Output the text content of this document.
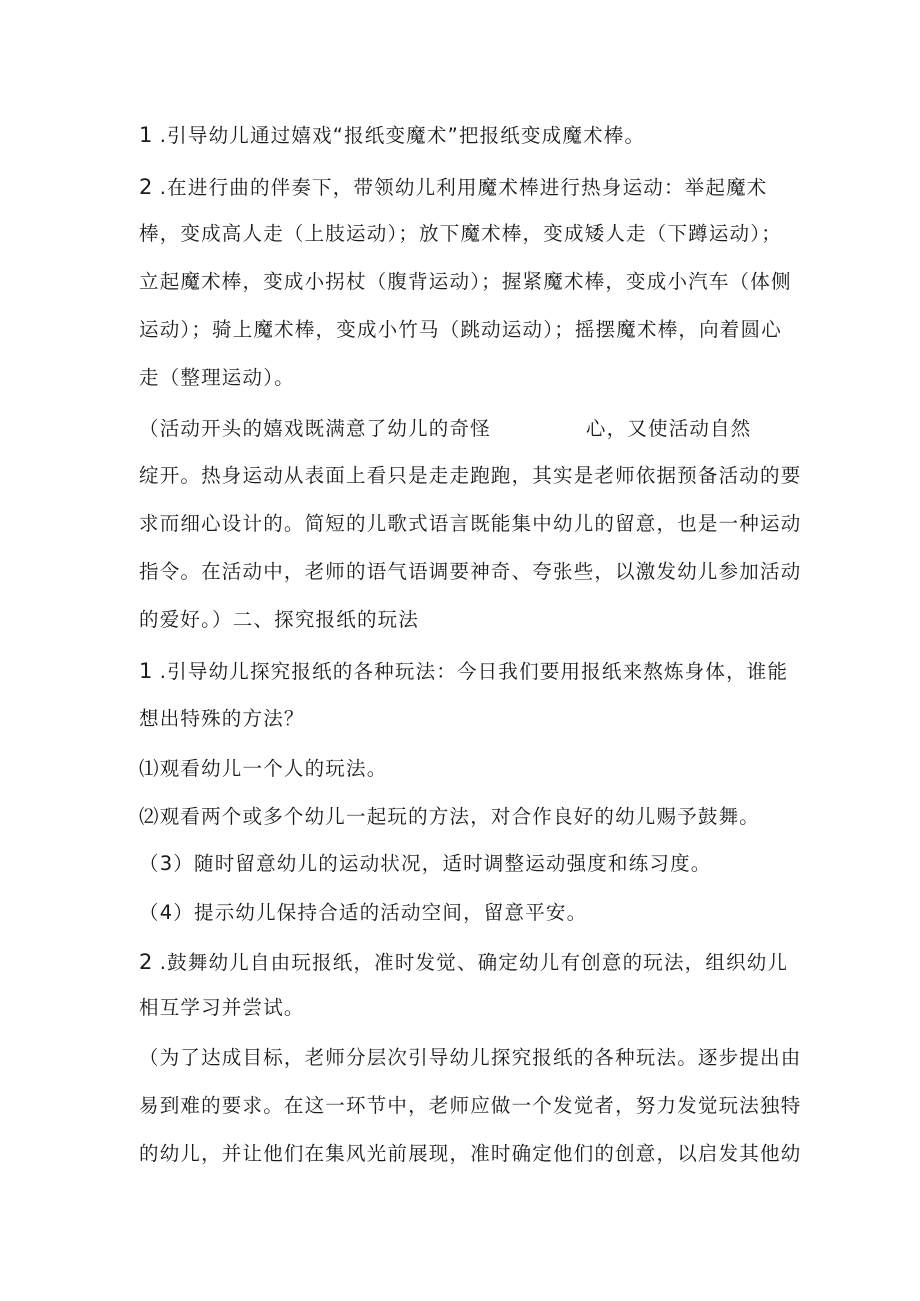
1 .引导幼儿通过嬉戏“报纸变魔术”把报纸变成魔术棒。
2 .在进行曲的伴奏下，带领幼儿利用魔术棒进行热身运动：举起魔术
棒，变成高人走（上肢运动）；放下魔术棒，变成矮人走（下蹲运动）；
立起魔术棒，变成小拐杖（腹背运动）；握紧魔术棒，变成小汽车（体侧
运动）；骑上魔术棒，变成小竹马（跳动运动）；摇摆魔术棒，向着圆心
走（整理运动）。
（活动开头的嬉戏既满意了幼儿的奇怪	心，又使活动自然
绽开。热身运动从表面上看只是走走跑跑，其实是老师依据预备活动的要
求而细心设计的。简短的儿歌式语言既能集中幼儿的留意，也是一种运动
指令。在活动中，老师的语气语调要神奇、夸张些，以激发幼儿参加活动
的爱好。）二、探究报纸的玩法
1 .引导幼儿探究报纸的各种玩法：今日我们要用报纸来熬炼身体，谁能
想出特殊的方法？
⑴观看幼儿一个人的玩法。
⑵观看两个或多个幼儿一起玩的方法，对合作良好的幼儿赐予鼓舞。
（3）随时留意幼儿的运动状况，适时调整运动强度和练习度。
（4）提示幼儿保持合适的活动空间，留意平安。
2 .鼓舞幼儿自由玩报纸，准时发觉、确定幼儿有创意的玩法，组织幼儿
相互学习并尝试。
（为了达成目标，老师分层次引导幼儿探究报纸的各种玩法。逐步提出由
易到难的要求。在这一环节中，老师应做一个发觉者，努力发觉玩法独特
的幼儿，并让他们在集风光前展现，准时确定他们的创意，以启发其他幼
